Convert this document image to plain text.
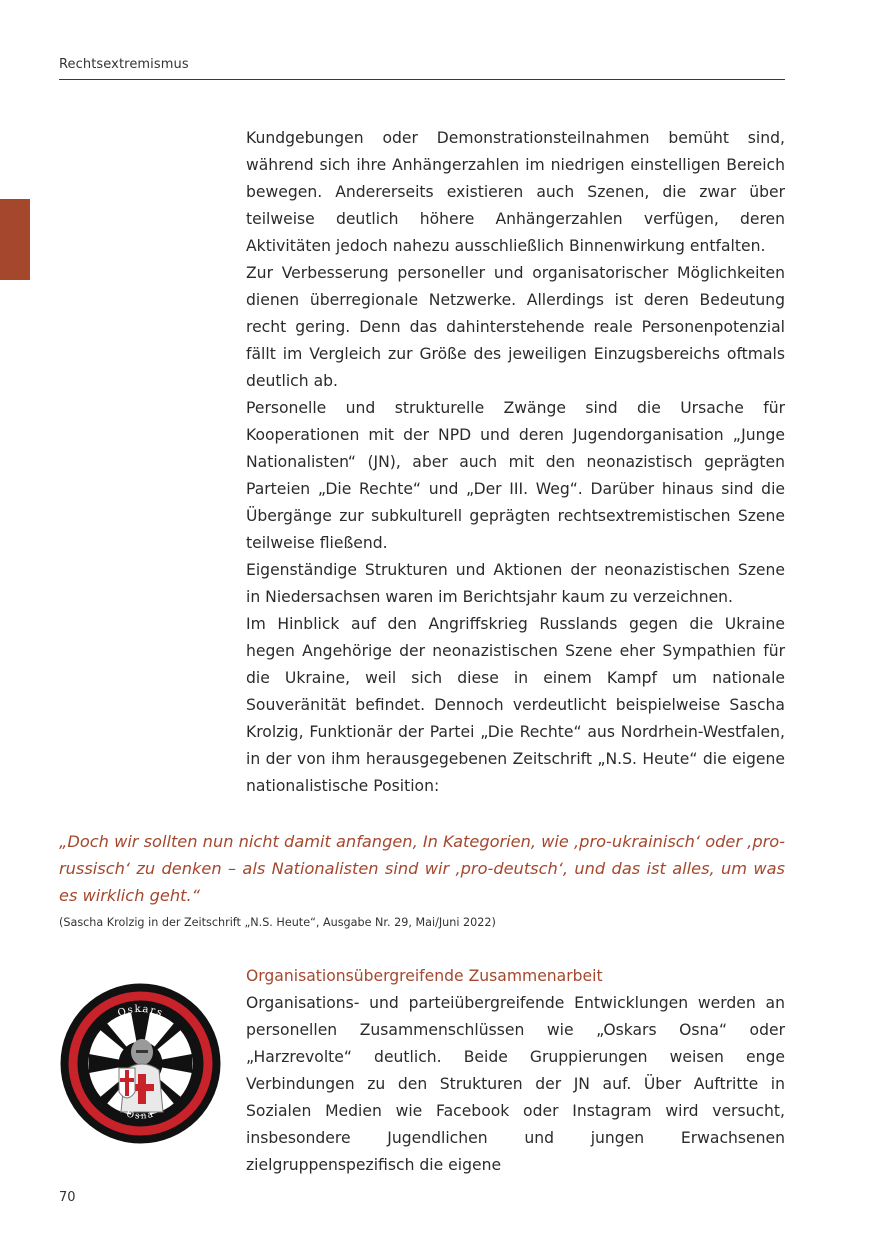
Rechtsextremismus

Kundgebungen oder Demonstrationsteilnahmen bemüht sind, während sich ihre Anhängerzahlen im niedrigen einstelligen Bereich bewegen. Andererseits existieren auch Szenen, die zwar über teilweise deutlich höhere Anhängerzahlen verfügen, deren Aktivitäten jedoch nahezu ausschließlich Binnenwirkung entfalten.

Zur Verbesserung personeller und organisatorischer Möglichkeiten dienen überregionale Netzwerke. Allerdings ist deren Bedeutung recht gering. Denn das dahinterstehende reale Personenpotenzial fällt im Vergleich zur Größe des jeweiligen Einzugsbereichs oftmals deutlich ab.

Personelle und strukturelle Zwänge sind die Ursache für Kooperationen mit der NPD und deren Jugendorganisation „Junge Nationalisten“ (JN), aber auch mit den neonazistisch geprägten Parteien „Die Rechte“ und „Der III. Weg“. Darüber hinaus sind die Übergänge zur subkulturell geprägten rechtsextremistischen Szene teilweise fließend.

Eigenständige Strukturen und Aktionen der neonazistischen Szene in Niedersachsen waren im Berichtsjahr kaum zu verzeichnen.

Im Hinblick auf den Angriffskrieg Russlands gegen die Ukraine hegen Angehörige der neonazistischen Szene eher Sympathien für die Ukraine, weil sich diese in einem Kampf um nationale Souveränität befindet. Dennoch verdeutlicht beispielweise Sascha Krolzig, Funktionär der Partei „Die Rechte“ aus Nordrhein-Westfalen, in der von ihm herausgegebenen Zeitschrift „N.S. Heute“ die eigene nationalistische Position:

„Doch wir sollten nun nicht damit anfangen, In Kategorien, wie ‚pro-ukrainisch‘ oder ‚pro-russisch‘ zu denken – als Nationalisten sind wir ‚pro-deutsch‘, und das ist alles, um was es wirklich geht.“

(Sascha Krolzig in der Zeitschrift „N.S. Heute“, Ausgabe Nr. 29, Mai/Juni 2022)

Oskars
Osna
Organisationsübergreifende Zusammenarbeit

Organisations- und parteiübergreifende Entwicklungen werden an personellen Zusammenschlüssen wie „Oskars Osna“ oder „Harzrevolte“ deutlich. Beide Gruppierungen weisen enge Verbindungen zu den Strukturen der JN auf. Über Auftritte in Sozialen Medien wie Facebook oder Instagram wird versucht, insbesondere Jugendlichen und jungen Erwachsenen zielgruppenspezifisch die eigene

70
